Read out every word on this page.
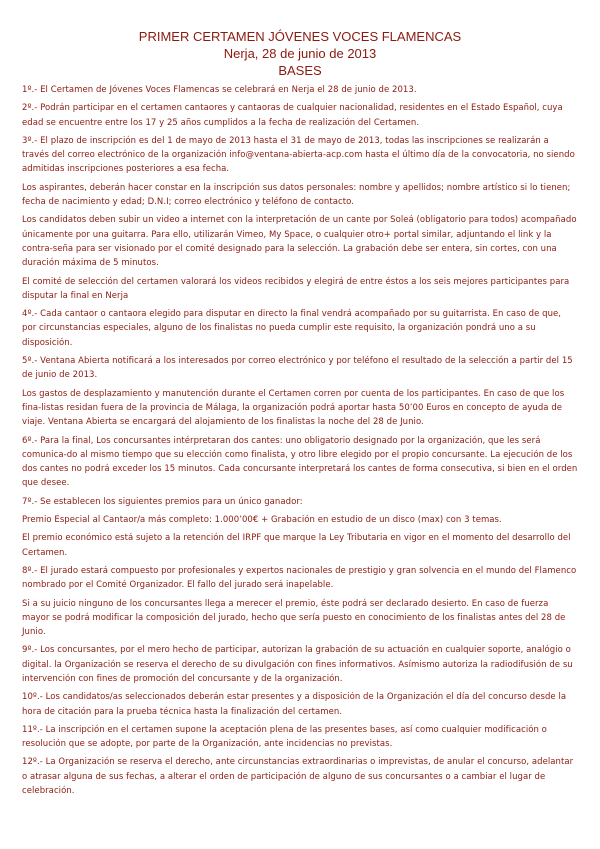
PRIMER CERTAMEN JÓVENES VOCES FLAMENCAS
Nerja, 28 de junio de 2013
BASES

1º.- El Certamen de Jóvenes Voces Flamencas se celebrará en Nerja el 28 de junio de 2013.

2º.- Podrán participar en el certamen cantaores y cantaoras de cualquier nacionalidad, residentes en el Estado Español, cuya edad se encuentre entre los 17 y 25 años cumplidos a la fecha de realización del Certamen.

3º.- El plazo de inscripción es del 1 de mayo de 2013 hasta el 31 de mayo de 2013, todas las inscripciones se realizarán a través del correo electrónico de la organización info@ventana-abierta-acp.com hasta el último día de la convocatoria, no siendo admitidas inscripciones posteriores a esa fecha.

Los aspirantes, deberán hacer constar en la inscripción sus datos personales: nombre y apellidos; nombre artístico si lo tienen; fecha de nacimiento y edad; D.N.I; correo electrónico y teléfono de contacto.

Los candidatos deben subir un video a internet con la interpretación de un cante por Soleá (obligatorio para todos) acompañado únicamente por una guitarra. Para ello, utilizarán Vimeo, My Space, o cualquier otro+ portal similar, adjuntando el link y la contra-seña para ser visionado por el comité designado para la selección. La grabación debe ser entera, sin cortes, con una duración máxima de 5 minutos.

El comité de selección del certamen valorará los videos recibidos y elegirá de entre éstos a los seis mejores participantes para disputar la final en Nerja

4º.- Cada cantaor o cantaora elegido para disputar en directo la final vendrá acompañado por su guitarrista. En caso de que, por circunstancias especiales, alguno de los finalistas no pueda cumplir este requisito, la organización pondrá uno a su disposición.

5º.- Ventana Abierta notificará a los interesados por correo electrónico y por teléfono el resultado de la selección a partir del 15 de junio de 2013.

Los gastos de desplazamiento y manutención durante el Certamen corren por cuenta de los participantes. En caso de que los fina-listas residan fuera de la provincia de Málaga, la organización podrá aportar hasta 50’00 Euros en concepto de ayuda de viaje. Ventana Abierta se encargará del alojamiento de los finalistas la noche del 28 de Junio.

6º.- Para la final, Los concursantes intérpretaran dos cantes: uno obligatorio designado por la organización, que les será comunica-do al mismo tiempo que su elección como finalista, y otro libre elegido por el propio concursante. La ejecución de los dos cantes no podrá exceder los 15 minutos. Cada concursante interpretará los cantes de forma consecutiva, si bien en el orden que desee.

7º.- Se establecen los siguientes premios para un único ganador:

Premio Especial al Cantaor/a más completo: 1.000’00€ + Grabación en estudio de un disco (max) con 3 temas.

El premio económico está sujeto a la retención del IRPF que marque la Ley Tributaria en vigor en el momento del desarrollo del Certamen.

8º.- El jurado estará compuesto por profesionales y expertos nacionales de prestigio y gran solvencia en el mundo del Flamenco nombrado por el Comité Organizador. El fallo del jurado será inapelable.

Si a su juicio ninguno de los concursantes llega a merecer el premio, éste podrá ser declarado desierto. En caso de fuerza mayor se podrá modificar la composición del jurado, hecho que sería puesto en conocimiento de los finalistas antes del 28 de Junio.

9º.- Los concursantes, por el mero hecho de participar, autorizan la grabación de su actuación en cualquier soporte, analógio o digital. la Organización se reserva el derecho de su divulgación con fines informativos. Asímismo autoriza la radiodifusión de su intervención con fines de promoción del concursante y de la organización.

10º.- Los candidatos/as seleccionados deberán estar presentes y a disposición de la Organización el día del concurso desde la hora de citación para la prueba técnica hasta la finalización del certamen.

11º.- La inscripción en el certamen supone la aceptación plena de las presentes bases, así como cualquier modificación o resolución que se adopte, por parte de la Organización, ante incidencias no previstas.

12º.- La Organización se reserva el derecho, ante circunstancias extraordinarias o imprevistas, de anular el concurso, adelantar o atrasar alguna de sus fechas, a alterar el orden de participación de alguno de sus concursantes o a cambiar el lugar de celebración.
